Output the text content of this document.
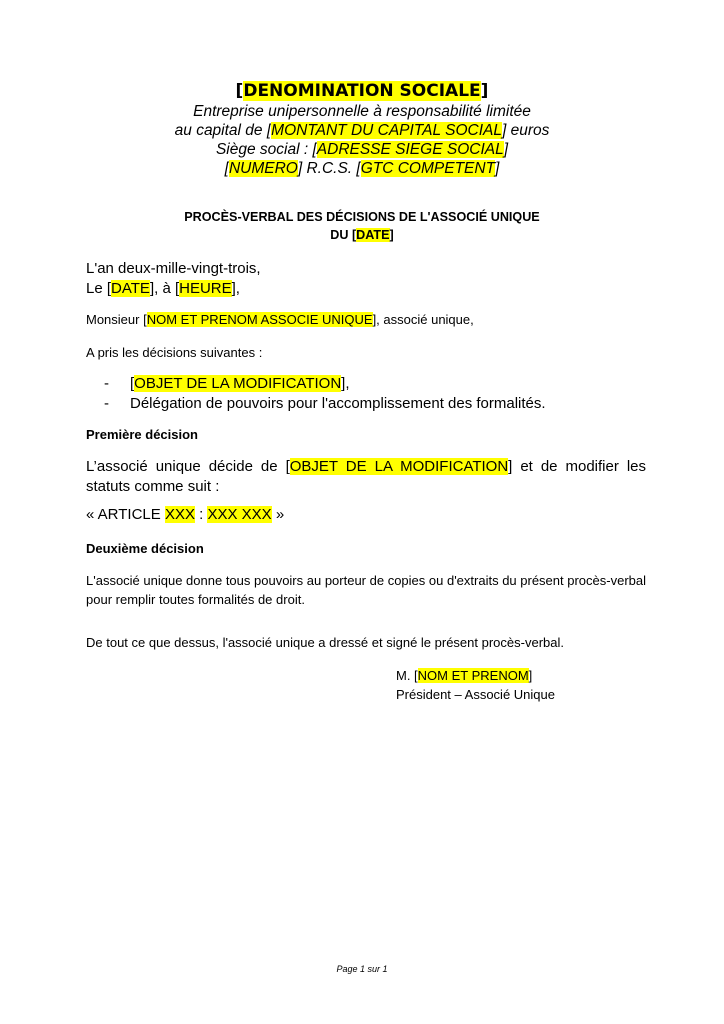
[DENOMINATION SOCIALE]

Entreprise unipersonnelle à responsabilité limitée

au capital de [MONTANT DU CAPITAL SOCIAL] euros

Siège social : [ADRESSE SIEGE SOCIAL]

[NUMERO] R.C.S. [GTC COMPETENT]

PROCÈS-VERBAL DES DÉCISIONS DE L'ASSOCIÉ UNIQUE
DU [DATE]

L'an deux-mille-vingt-trois,

Le [DATE], à [HEURE],

Monsieur [NOM ET PRENOM ASSOCIE UNIQUE], associé unique,

A pris les décisions suivantes :

-	[OBJET DE LA MODIFICATION],
-	Délégation de pouvoirs pour l'accomplissement des formalités.
Première décision

L’associé unique décide de [OBJET DE LA MODIFICATION] et de modifier les statuts comme suit :

« ARTICLE XXX : XXX XXX »

Deuxième décision

L'associé unique donne tous pouvoirs au porteur de copies ou d'extraits du présent procès-verbal pour remplir toutes formalités de droit.

De tout ce que dessus, l'associé unique a dressé et signé le présent procès-verbal.

M. [NOM ET PRENOM]

Président – Associé Unique

Page 1 sur 1
